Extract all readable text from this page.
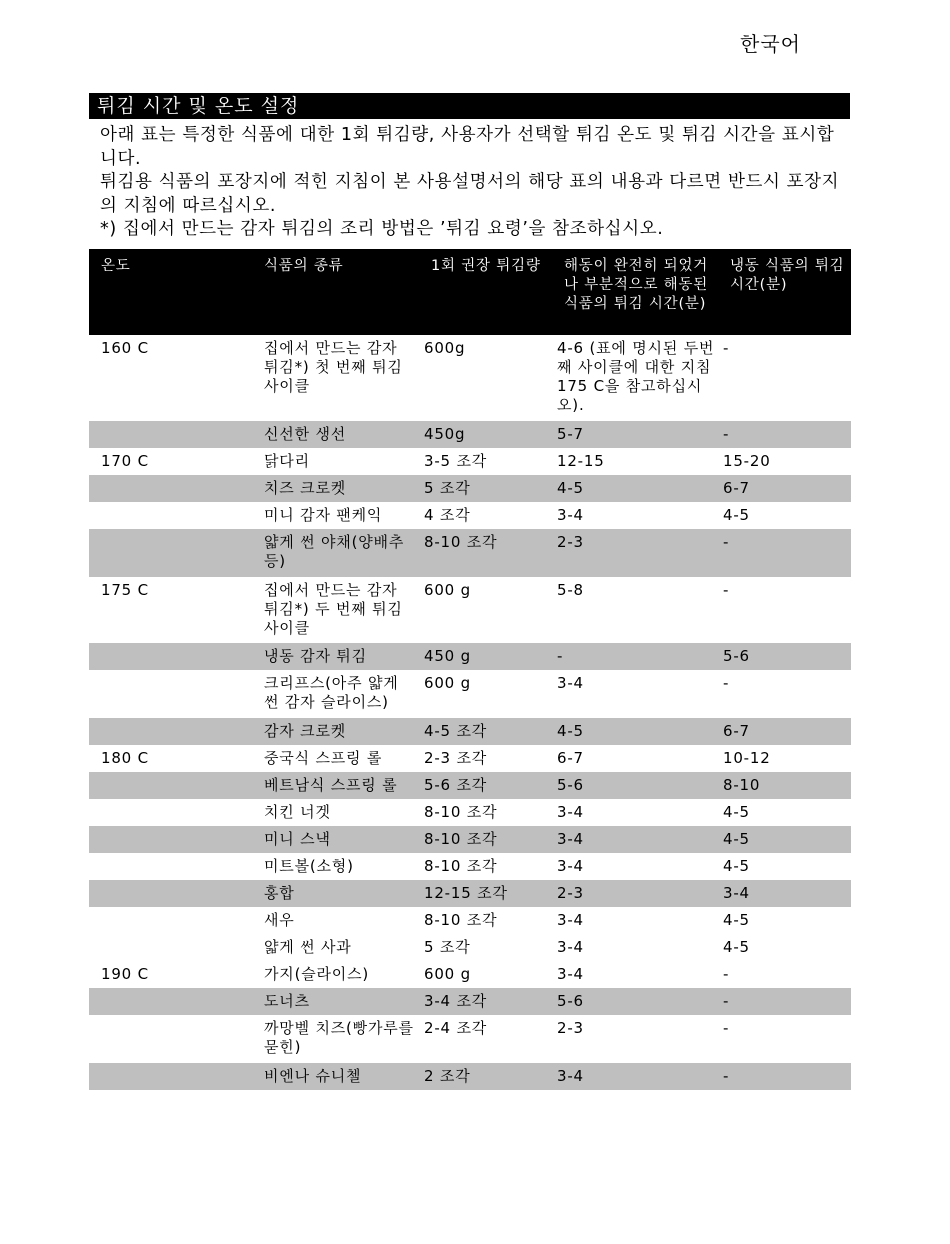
한국어
튀김 시간 및 온도 설정

아래 표는 특정한 식품에 대한 1회 튀김량, 사용자가 선택할 튀김 온도 및 튀김 시간을 표시합니다.

튀김용 식품의 포장지에 적힌 지침이 본 사용설명서의 해당 표의 내용과 다르면 반드시 포장지의 지침에 따르십시오.

*) 집에서 만드는 감자 튀김의 조리 방법은 ’튀김 요령’을 참조하십시오.

온도	식품의 종류	1회 권장 튀김량	해동이 완전히 되었거나 부분적으로 해동된 식품의 튀김 시간(분)	냉동 식품의 튀김 시간(분)
160 C	집에서 만드는 감자 튀김*) 첫 번째 튀김 사이클	600g	4-6 (표에 명시된 두번째 사이클에 대한 지침 175 C을 참고하십시오).	-
	신선한 생선	450g	5-7	-
170 C	닭다리	3-5 조각	12-15	15-20
	치즈 크로켓	5 조각	4-5	6-7
	미니 감자 팬케익	4 조각	3-4	4-5
	얇게 썬 야채(양배추 등)	8-10 조각	2-3	-
175 C	집에서 만드는 감자 튀김*) 두 번째 튀김 사이클	600 g	5-8	-
	냉동 감자 튀김	450 g	-	5-6
	크리프스(아주 얇게 썬 감자 슬라이스)	600 g	3-4	-
	감자 크로켓	4-5 조각	4-5	6-7
180 C	중국식 스프링 롤	2-3 조각	6-7	10-12
	베트남식 스프링 롤	5-6 조각	5-6	8-10
	치킨 너겟	8-10 조각	3-4	4-5
	미니 스낵	8-10 조각	3-4	4-5
	미트볼(소형)	8-10 조각	3-4	4-5
	홍합	12-15 조각	2-3	3-4
	새우	8-10 조각	3-4	4-5
	얇게 썬 사과	5 조각	3-4	4-5
190 C	가지(슬라이스)	600 g	3-4	-
	도너츠	3-4 조각	5-6	-
	까망벨 치즈(빵가루를 묻힌)	2-4 조각	2-3	-
	비엔나 슈니첼	2 조각	3-4	-
